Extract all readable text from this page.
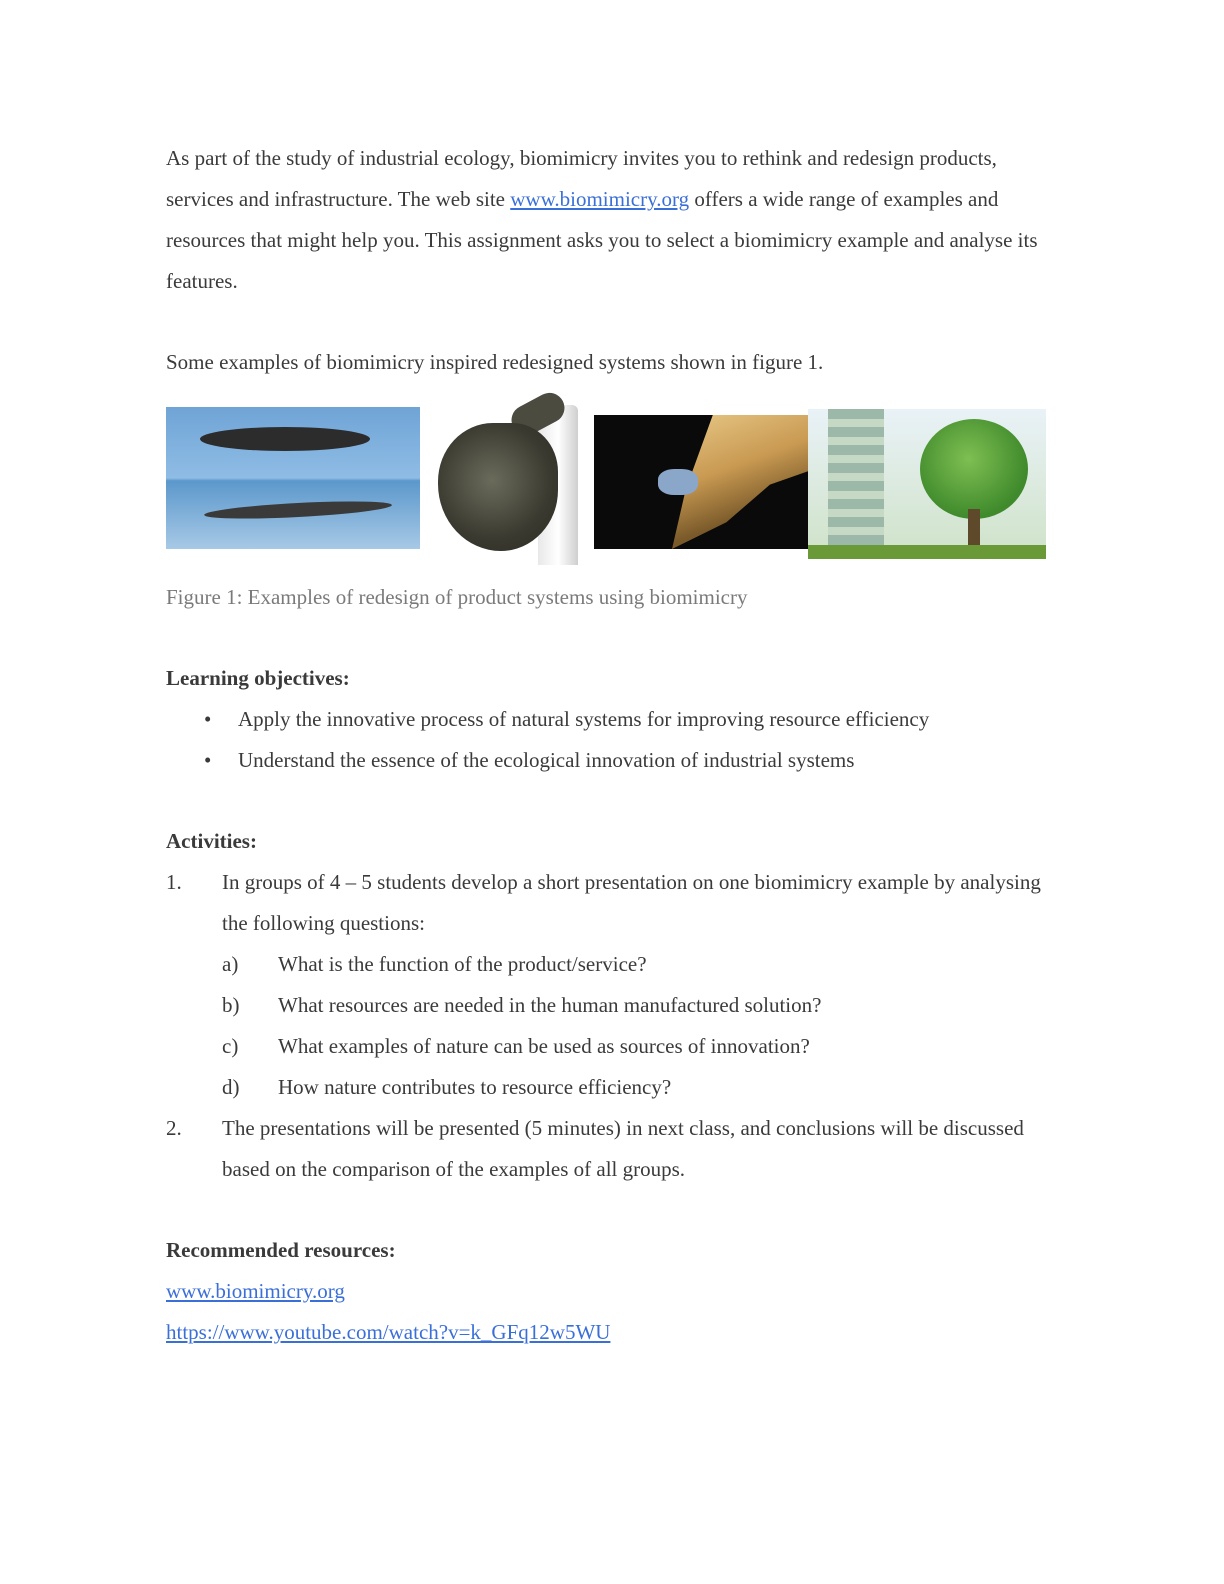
As part of the study of industrial ecology, biomimicry invites you to rethink and redesign products, services and infrastructure. The web site www.biomimicry.org offers a wide range of examples and resources that might help you. This assignment asks you to select a biomimicry example and analyse its features.

Some examples of biomimicry inspired redesigned systems shown in figure 1.

Figure 1: Examples of redesign of product systems using biomimicry

Learning objectives:

• Apply the innovative process of natural systems for improving resource efficiency
• Understand the essence of the ecological innovation of industrial systems

Activities:

1. In groups of 4 – 5 students develop a short presentation on one biomimicry example by analysing the following questions:
a) What is the function of the product/service?
b) What resources are needed in the human manufactured solution?
c) What examples of nature can be used as sources of innovation?
d) How nature contributes to resource efficiency?
2. The presentations will be presented (5 minutes) in next class, and conclusions will be discussed based on the comparison of the examples of all groups.

Recommended resources:

www.biomimicry.org
https://www.youtube.com/watch?v=k_GFq12w5WU
